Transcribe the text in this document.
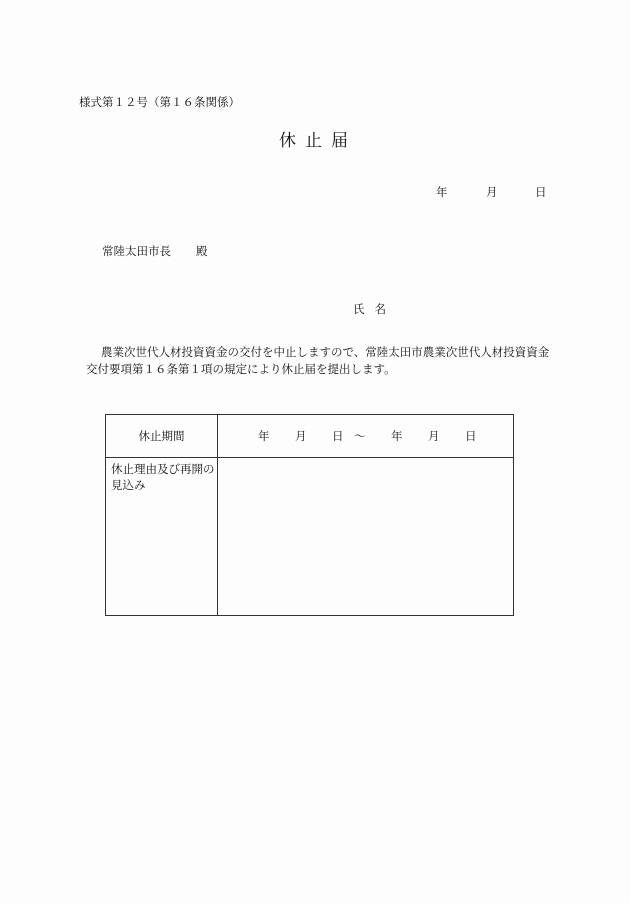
様式第１２号（第１６条関係）
休止届
年	月	日
常陸太田市長 殿
氏名
農業次世代人材投資資金の交付を中止しますので、常陸太田市農業次世代人材投資資金交付要項第１６条第１項の規定により休止届を提出します。
休止期間	年 月 日 ～ 年 月 日
休止理由及び再開の見込み
